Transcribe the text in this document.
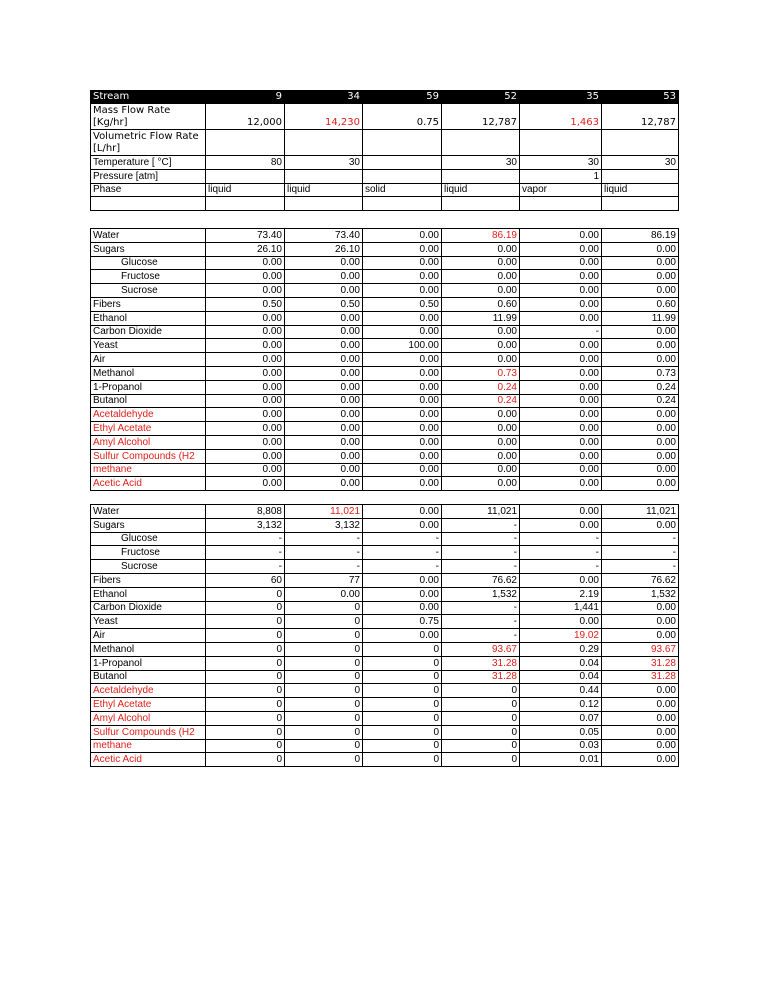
Stream	9	34	59	52	35	53
Mass Flow Rate [Kg/hr]	12,000	14,230	0.75	12,787	1,463	12,787
Volumetric Flow Rate [L/hr]						
Temperature [ °C]	80	30		30	30	30
Pressure [atm]					1	
Phase	liquid	liquid	solid	liquid	vapor	liquid

Water	73.40	73.40	0.00	86.19	0.00	86.19
Sugars	26.10	26.10	0.00	0.00	0.00	0.00
Glucose	0.00	0.00	0.00	0.00	0.00	0.00
Fructose	0.00	0.00	0.00	0.00	0.00	0.00
Sucrose	0.00	0.00	0.00	0.00	0.00	0.00
Fibers	0.50	0.50	0.50	0.60	0.00	0.60
Ethanol	0.00	0.00	0.00	11.99	0.00	11.99
Carbon Dioxide	0.00	0.00	0.00	0.00	-	0.00
Yeast	0.00	0.00	100.00	0.00	0.00	0.00
Air	0.00	0.00	0.00	0.00	0.00	0.00
Methanol	0.00	0.00	0.00	0.73	0.00	0.73
1-Propanol	0.00	0.00	0.00	0.24	0.00	0.24
Butanol	0.00	0.00	0.00	0.24	0.00	0.24
Acetaldehyde	0.00	0.00	0.00	0.00	0.00	0.00
Ethyl Acetate	0.00	0.00	0.00	0.00	0.00	0.00
Amyl Alcohol	0.00	0.00	0.00	0.00	0.00	0.00
Sulfur Compounds (H2	0.00	0.00	0.00	0.00	0.00	0.00
methane	0.00	0.00	0.00	0.00	0.00	0.00
Acetic Acid	0.00	0.00	0.00	0.00	0.00	0.00
Water	8,808	11,021	0.00	11,021	0.00	11,021
Sugars	3,132	3,132	0.00	-	0.00	0.00
Glucose	-	-	-	-	-	-
Fructose	-	-	-	-	-	-
Sucrose	-	-	-	-	-	-
Fibers	60	77	0.00	76.62	0.00	76.62
Ethanol	0	0.00	0.00	1,532	2.19	1,532
Carbon Dioxide	0	0	0.00	-	1,441	0.00
Yeast	0	0	0.75	-	0.00	0.00
Air	0	0	0.00	-	19.02	0.00
Methanol	0	0	0	93.67	0.29	93.67
1-Propanol	0	0	0	31.28	0.04	31.28
Butanol	0	0	0	31.28	0.04	31.28
Acetaldehyde	0	0	0	0	0.44	0.00
Ethyl Acetate	0	0	0	0	0.12	0.00
Amyl Alcohol	0	0	0	0	0.07	0.00
Sulfur Compounds (H2	0	0	0	0	0.05	0.00
methane	0	0	0	0	0.03	0.00
Acetic Acid	0	0	0	0	0.01	0.00
